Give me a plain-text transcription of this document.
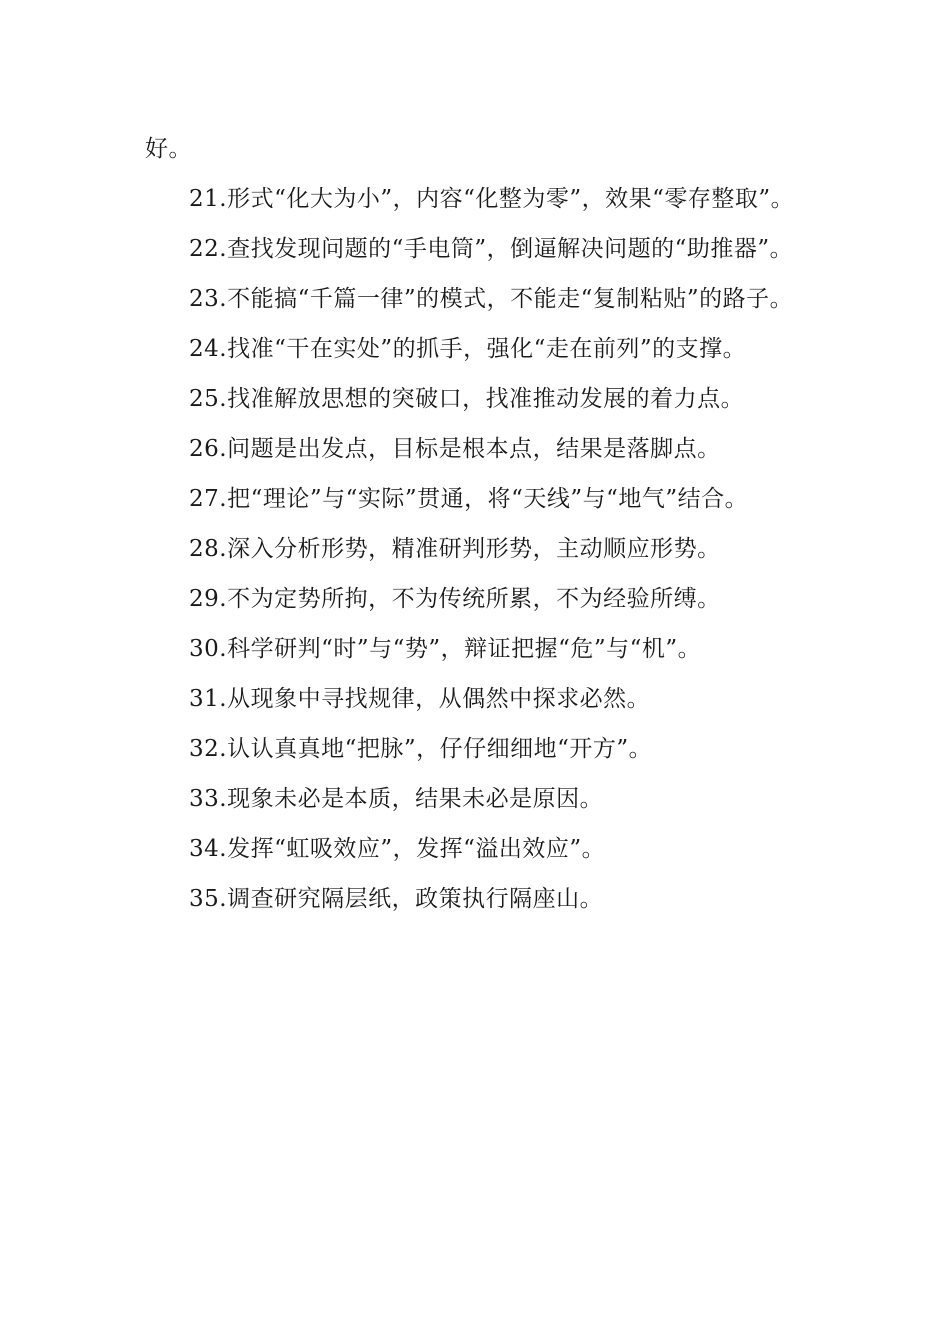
好。

21.形式“化大为小”，内容“化整为零”，效果“零存整取”。

22.查找发现问题的“手电筒”，倒逼解决问题的“助推器”。

23.不能搞“千篇一律”的模式，不能走“复制粘贴”的路子。

24.找准“干在实处”的抓手，强化“走在前列”的支撑。

25.找准解放思想的突破口，找准推动发展的着力点。

26.问题是出发点，目标是根本点，结果是落脚点。

27.把“理论”与“实际”贯通，将“天线”与“地气”结合。

28.深入分析形势，精准研判形势，主动顺应形势。

29.不为定势所拘，不为传统所累，不为经验所缚。

30.科学研判“时”与“势”，辩证把握“危”与“机”。

31.从现象中寻找规律，从偶然中探求必然。

32.认认真真地“把脉”，仔仔细细地“开方”。

33.现象未必是本质，结果未必是原因。

34.发挥“虹吸效应”，发挥“溢出效应”。

35.调查研究隔层纸，政策执行隔座山。
